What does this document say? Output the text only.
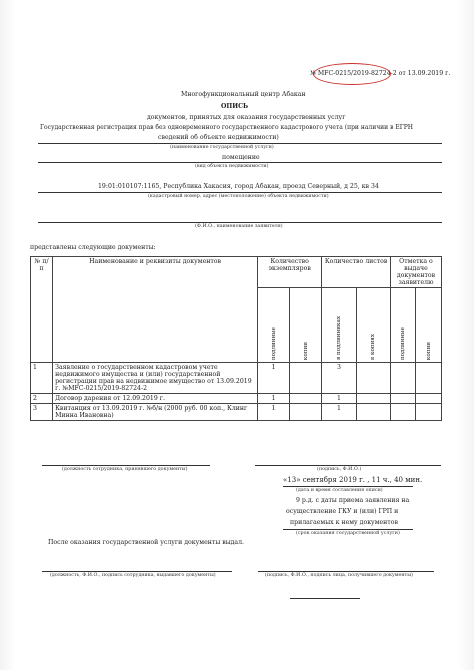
№ MFC-0215/2019-82724-2 от 13.09.2019 г.
Многофункциональный центр Абакан
ОПИСЬ
документов, принятых для оказания государственных услуг
Государственная регистрация прав без одновременного государственного кадастрового учета (при наличии в ЕГРН
сведений об объекте недвижимости)
(наименование государственной услуги)
помещение
(вид объекта недвижимости)
19:01:010107:1165, Республика Хакасия, город Абакан, проезд Северный, д 25, кв 34
(кадастровый номер, адрес (местоположение) объекта недвижимости)
(Ф.И.О., наименование заявителя)
представлены следующие документы:
№ п/п	Наименование и реквизиты документов	Количество экземпляров		Количество листов		Отметка о выдаче документов заявителю	

		подлинные	копии	в подлинниках	в копиях	подлинные	копии

1	Заявление о государственном кадастровом учете недвижимого имущества и (или) государственной регистрации прав на недвижимое имущество от 13.09.2019 г. №MFC-0215/2019-82724-2	1		3			
2	Договор дарения от 12.09.2019 г.	1		1			
3	Квитанция от 13.09.2019 г. №б/н (2000 руб. 00 коп., Клинг Минна Ивановна)	1		1			
(должность сотрудника, принявшего документы)	(подпись, Ф.И.О.)
«13» сентября 2019 г. , 11 ч., 40 мин.
(дата и время составления описи)
9 р.д. с даты приема заявления на
осуществление ГКУ и (или) ГРП и
прилагаемых к нему документов
(срок оказания государственной услуги)
После оказания государственной услуги документы выдал.
(должность, Ф.И.О., подпись сотрудника, выдавшего документы)	(подпись, Ф.И.О., подпись лица, получившего документы)
